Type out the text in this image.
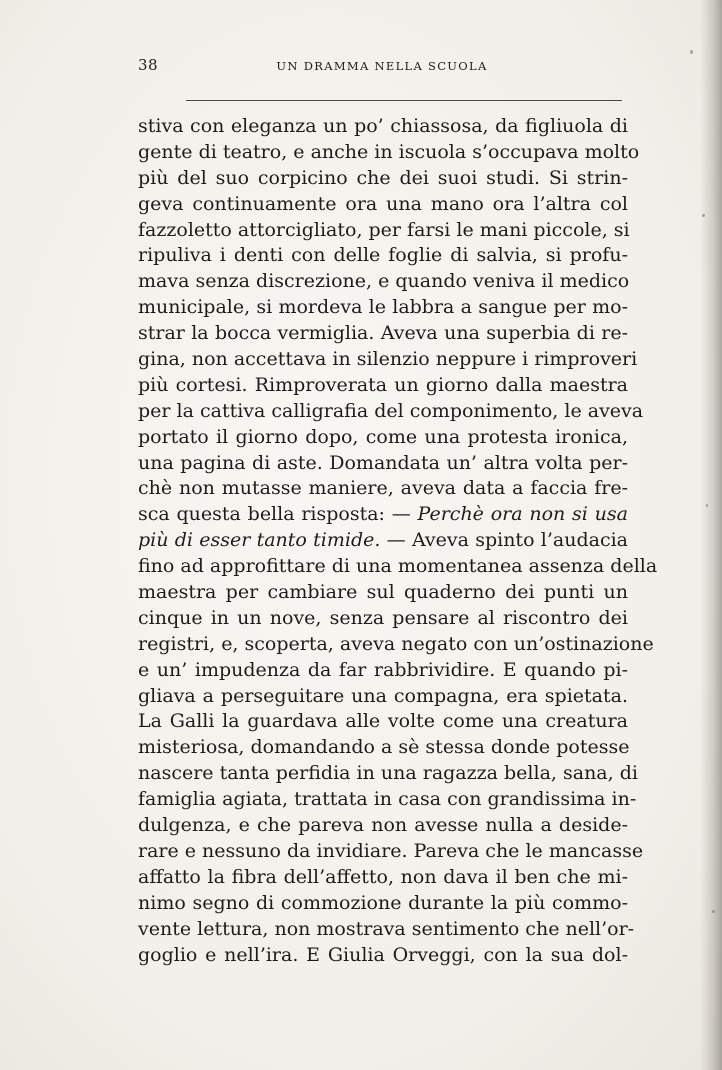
38	UN DRAMMA NELLA SCUOLA
stiva con eleganza un po’ chiassosa, da figliuola di
gente di teatro, e anche in iscuola s’occupava molto
più del suo corpicino che dei suoi studi. Si strin-
geva continuamente ora una mano ora l’altra col
fazzoletto attorcigliato, per farsi le mani piccole, si
ripuliva i denti con delle foglie di salvia, si profu-
mava senza discrezione, e quando veniva il medico
municipale, si mordeva le labbra a sangue per mo-
strar la bocca vermiglia. Aveva una superbia di re-
gina, non accettava in silenzio neppure i rimproveri
più cortesi. Rimproverata un giorno dalla maestra
per la cattiva calligrafia del componimento, le aveva
portato il giorno dopo, come una protesta ironica,
una pagina di aste. Domandata un’ altra volta per-
chè non mutasse maniere, aveva data a faccia fre-
sca questa bella risposta: — Perchè ora non si usa
più di esser tanto timide. — Aveva spinto l’audacia
fino ad approfittare di una momentanea assenza della
maestra per cambiare sul quaderno dei punti un
cinque in un nove, senza pensare al riscontro dei
registri, e, scoperta, aveva negato con un’ostinazione
e un’ impudenza da far rabbrividire. E quando pi-
gliava a perseguitare una compagna, era spietata.
La Galli la guardava alle volte come una creatura
misteriosa, domandando a sè stessa donde potesse
nascere tanta perfidia in una ragazza bella, sana, di
famiglia agiata, trattata in casa con grandissima in-
dulgenza, e che pareva non avesse nulla a deside-
rare e nessuno da invidiare. Pareva che le mancasse
affatto la fibra dell’affetto, non dava il ben che mi-
nimo segno di commozione durante la più commo-
vente lettura, non mostrava sentimento che nell’or-
goglio e nell’ira. E Giulia Orveggi, con la sua dol-
